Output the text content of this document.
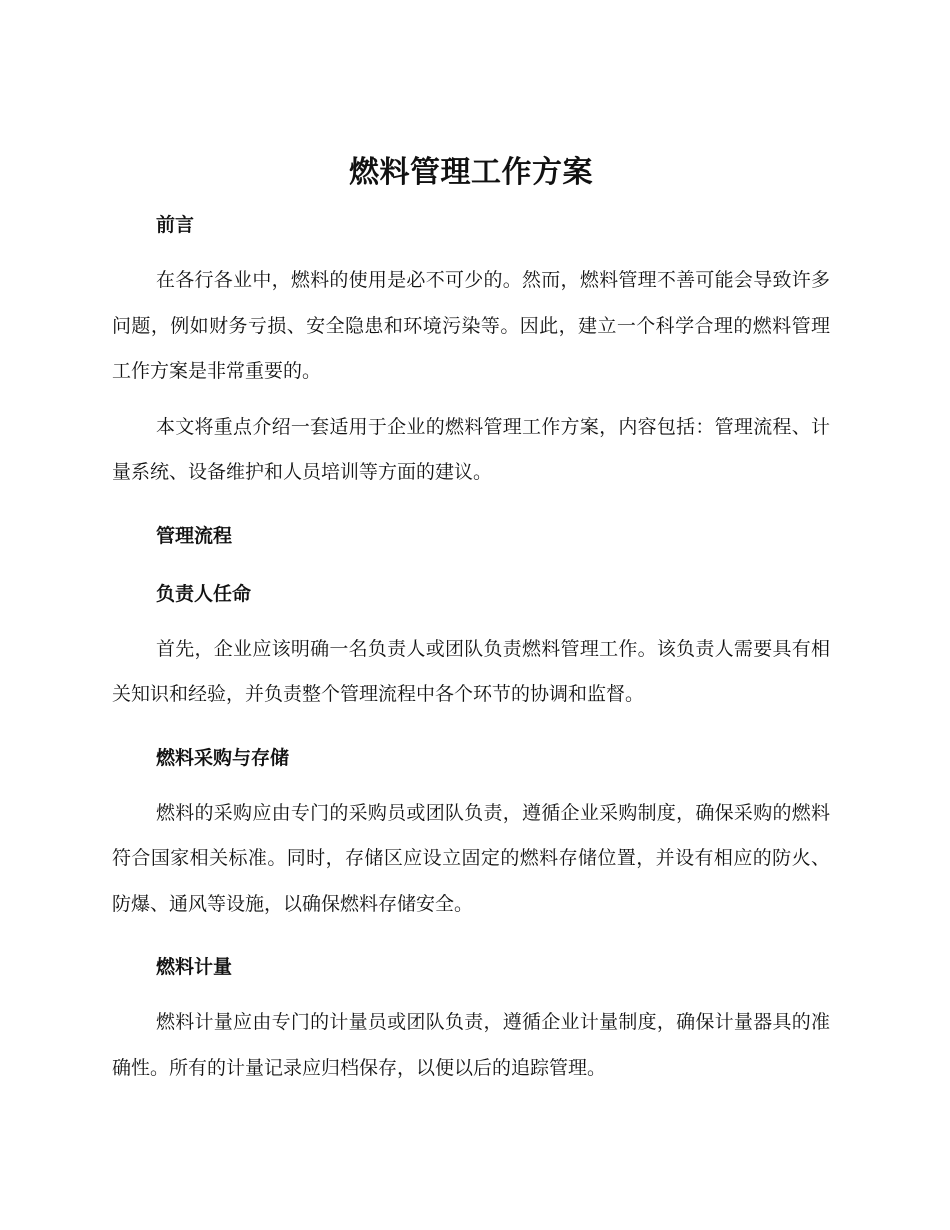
燃料管理工作方案
前言

在各行各业中，燃料的使用是必不可少的。然而，燃料管理不善可能会导致许多问题，例如财务亏损、安全隐患和环境污染等。因此，建立一个科学合理的燃料管理工作方案是非常重要的。

本文将重点介绍一套适用于企业的燃料管理工作方案，内容包括：管理流程、计量系统、设备维护和人员培训等方面的建议。

管理流程
负责人任命

首先，企业应该明确一名负责人或团队负责燃料管理工作。该负责人需要具有相关知识和经验，并负责整个管理流程中各个环节的协调和监督。

燃料采购与存储

燃料的采购应由专门的采购员或团队负责，遵循企业采购制度，确保采购的燃料符合国家相关标准。同时，存储区应设立固定的燃料存储位置，并设有相应的防火、防爆、通风等设施，以确保燃料存储安全。

燃料计量

燃料计量应由专门的计量员或团队负责，遵循企业计量制度，确保计量器具的准确性。所有的计量记录应归档保存，以便以后的追踪管理。
